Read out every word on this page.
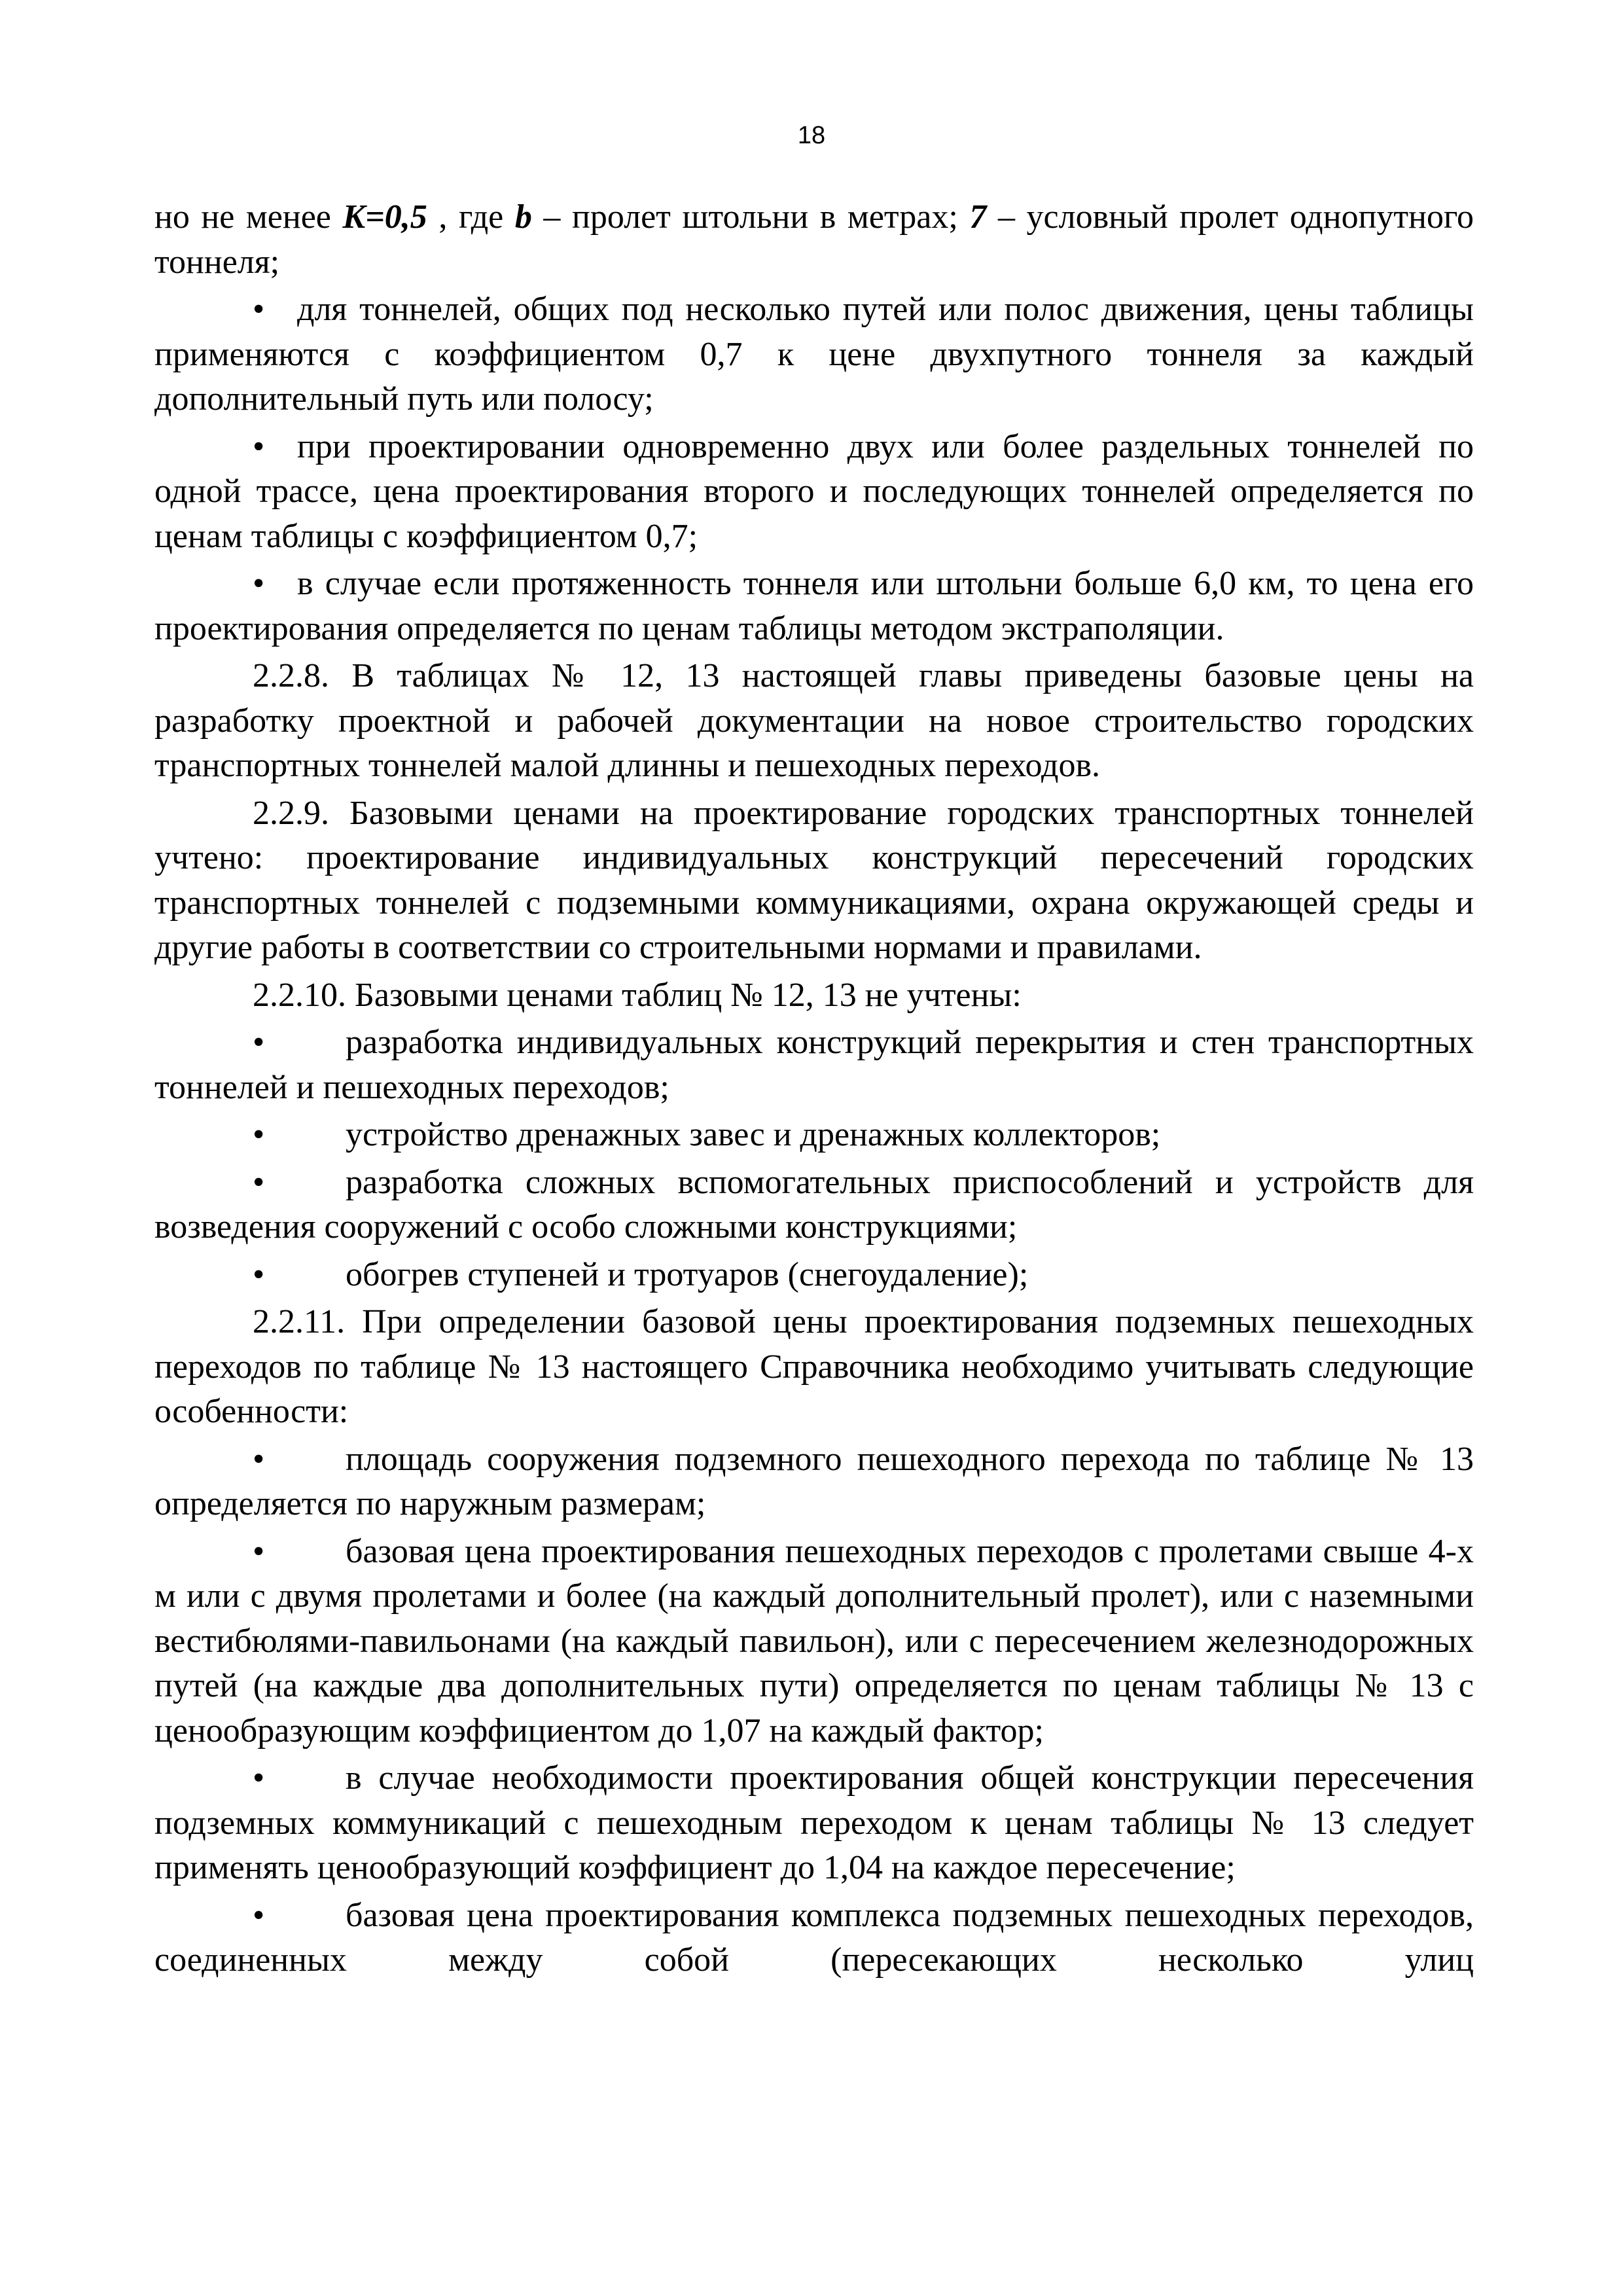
18

но не менее K=0,5 , где b – пролет штольни в метрах; 7 – условный пролет однопутного тоннеля;

• для тоннелей, общих под несколько путей или полос движения, цены таблицы применяются с коэффициентом 0,7 к цене двухпутного тоннеля за каждый дополнительный путь или полосу;

• при проектировании одновременно двух или более раздельных тоннелей по одной трассе, цена проектирования второго и последующих тоннелей определяется по ценам таблицы с коэффициентом 0,7;

• в случае если протяженность тоннеля или штольни больше 6,0 км, то цена его проектирования определяется по ценам таблицы методом экстраполяции.

2.2.8. В таблицах № 12, 13 настоящей главы приведены базовые цены на разработку проектной и рабочей документации на новое строительство городских транспортных тоннелей малой длинны и пешеходных переходов.

2.2.9. Базовыми ценами на проектирование городских транспортных тоннелей учтено: проектирование индивидуальных конструкций пересечений городских транспортных тоннелей с подземными коммуникациями, охрана окружающей среды и другие работы в соответствии со строительными нормами и правилами.

2.2.10. Базовыми ценами таблиц № 12, 13 не учтены:

• разработка индивидуальных конструкций перекрытия и стен транспортных тоннелей и пешеходных переходов;

• устройство дренажных завес и дренажных коллекторов;

• разработка сложных вспомогательных приспособлений и устройств для возведения сооружений с особо сложными конструкциями;

• обогрев ступеней и тротуаров (снегоудаление);

2.2.11. При определении базовой цены проектирования подземных пешеходных переходов по таблице № 13 настоящего Справочника необходимо учитывать следующие особенности:

• площадь сооружения подземного пешеходного перехода по таблице № 13 определяется по наружным размерам;

• базовая цена проектирования пешеходных переходов с пролетами свыше 4-х м или с двумя пролетами и более (на каждый дополнительный пролет), или с наземными вестибюлями-павильонами (на каждый павильон), или с пересечением железнодорожных путей (на каждые два дополнительных пути) определяется по ценам таблицы № 13 с ценообразующим коэффициентом до 1,07 на каждый фактор;

• в случае необходимости проектирования общей конструкции пересечения подземных коммуникаций с пешеходным переходом к ценам таблицы № 13 следует применять ценообразующий коэффициент до 1,04 на каждое пересечение;

• базовая цена проектирования комплекса подземных пешеходных переходов, соединенных между собой (пересекающих несколько улиц
